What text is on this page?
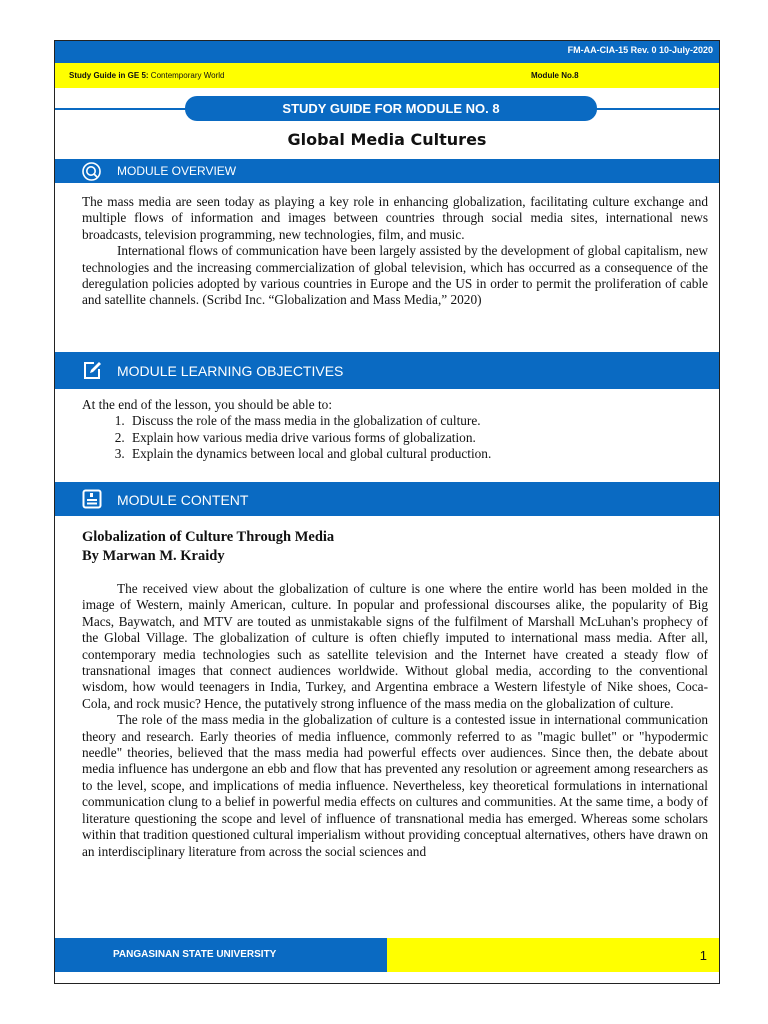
FM-AA-CIA-15 Rev. 0 10-July-2020
Study Guide in GE 5: Contemporary World	Module No.8
STUDY GUIDE FOR MODULE NO. 8
Global Media Cultures
MODULE OVERVIEW

The mass media are seen today as playing a key role in enhancing globalization, facilitating culture exchange and multiple flows of information and images between countries through social media sites, international news broadcasts, television programming, new technologies, film, and music.

International flows of communication have been largely assisted by the development of global capitalism, new technologies and the increasing commercialization of global television, which has occurred as a consequence of the deregulation policies adopted by various countries in Europe and the US in order to permit the proliferation of cable and satellite channels. (Scribd Inc. “Globalization and Mass Media,” 2020)

MODULE LEARNING OBJECTIVES

At the end of the lesson, you should be able to:

1. Discuss the role of the mass media in the globalization of culture.
2. Explain how various media drive various forms of globalization.
3. Explain the dynamics between local and global cultural production.
MODULE CONTENT
Globalization of Culture Through Media
By Marwan M. Kraidy

The received view about the globalization of culture is one where the entire world has been molded in the image of Western, mainly American, culture. In popular and professional discourses alike, the popularity of Big Macs, Baywatch, and MTV are touted as unmistakable signs of the fulfilment of Marshall McLuhan's prophecy of the Global Village. The globalization of culture is often chiefly imputed to international mass media. After all, contemporary media technologies such as satellite television and the Internet have created a steady flow of transnational images that connect audiences worldwide. Without global media, according to the conventional wisdom, how would teenagers in India, Turkey, and Argentina embrace a Western lifestyle of Nike shoes, Coca- Cola, and rock music? Hence, the putatively strong influence of the mass media on the globalization of culture.

The role of the mass media in the globalization of culture is a contested issue in international communication theory and research. Early theories of media influence, commonly referred to as "magic bullet" or "hypodermic needle" theories, believed that the mass media had powerful effects over audiences. Since then, the debate about media influence has undergone an ebb and flow that has prevented any resolution or agreement among researchers as to the level, scope, and implications of media influence. Nevertheless, key theoretical formulations in international communication clung to a belief in powerful media effects on cultures and communities. At the same time, a body of literature questioning the scope and level of influence of transnational media has emerged. Whereas some scholars within that tradition questioned cultural imperialism without providing conceptual alternatives, others have drawn on an interdisciplinary literature from across the social sciences and

PANGASINAN STATE UNIVERSITY	1
